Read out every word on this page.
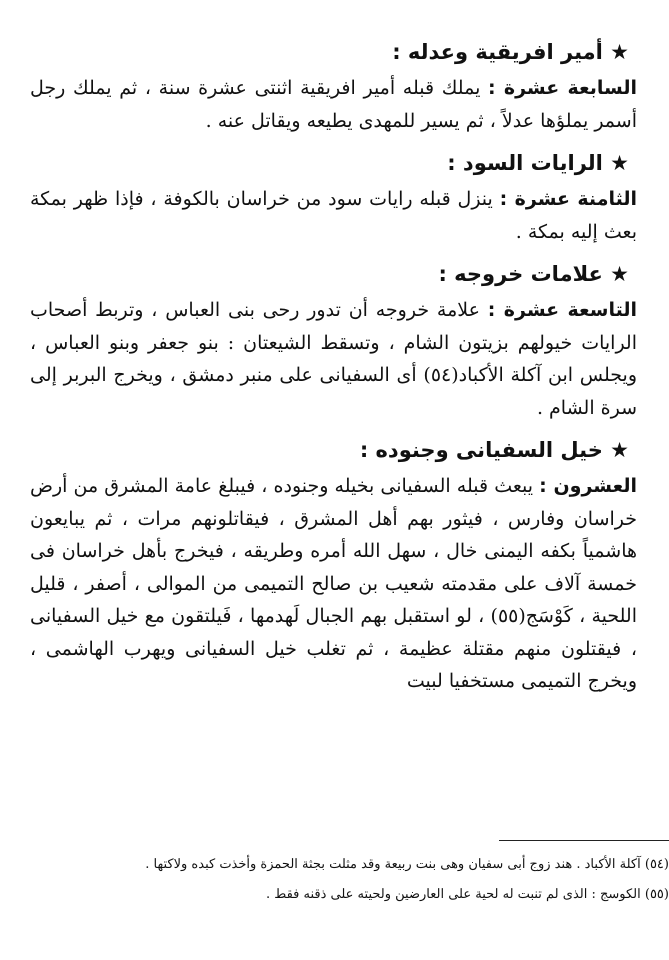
★ أمير افريقية وعدله :

السابعة عشرة : يملك قبله أمير افريقية اثنتى عشرة سنة ، ثم يملك رجل أسمر يملؤها عدلاً ، ثم يسير للمهدى يطيعه ويقاتل عنه .

★ الرايات السود :

الثامنة عشرة : ينزل قبله رايات سود من خراسان بالكوفة ، فإذا ظهر بمكة بعث إليه بمكة .

★ علامات خروجه :

التاسعة عشرة : علامة خروجه أن تدور رحى بنى العباس ، وتربط أصحاب الرايات خيولهم بزيتون الشام ، وتسقط الشيعتان : بنو جعفر وبنو العباس ، ويجلس ابن آكلة الأكباد(٥٤) أى السفيانى على منبر دمشق ، ويخرج البربر إلى سرة الشام .

★ خيل السفيانى وجنوده :

العشرون : يبعث قبله السفيانى بخيله وجنوده ، فيبلغ عامة المشرق من أرض خراسان وفارس ، فيثور بهم أهل المشرق ، فيقاتلونهم مرات ، ثم يبايعون هاشمياً بكفه اليمنى خال ، سهل الله أمره وطريقه ، فيخرج بأهل خراسان فى خمسة آلاف على مقدمته شعيب بن صالح التميمى من الموالى ، أصفر ، قليل اللحية ، كَوْسَج(٥٥) ، لو استقبل بهم الجبال لَهدمها ، فَيلتقون مع خيل السفيانى ، فيقتلون منهم مقتلة عظيمة ، ثم تغلب خيل السفيانى ويهرب الهاشمى ، ويخرج التميمى مستخفيا لبيت

(٥٤) آكلة الأكباد . هند زوج أبى سفيان وهى بنت ربيعة وقد مثلت بجثة الحمزة وأخذت كبده ولاكتها .

(٥٥) الكوسج : الذى لم تنبت له لحية على العارضين ولحيته على ذقنه فقط .
